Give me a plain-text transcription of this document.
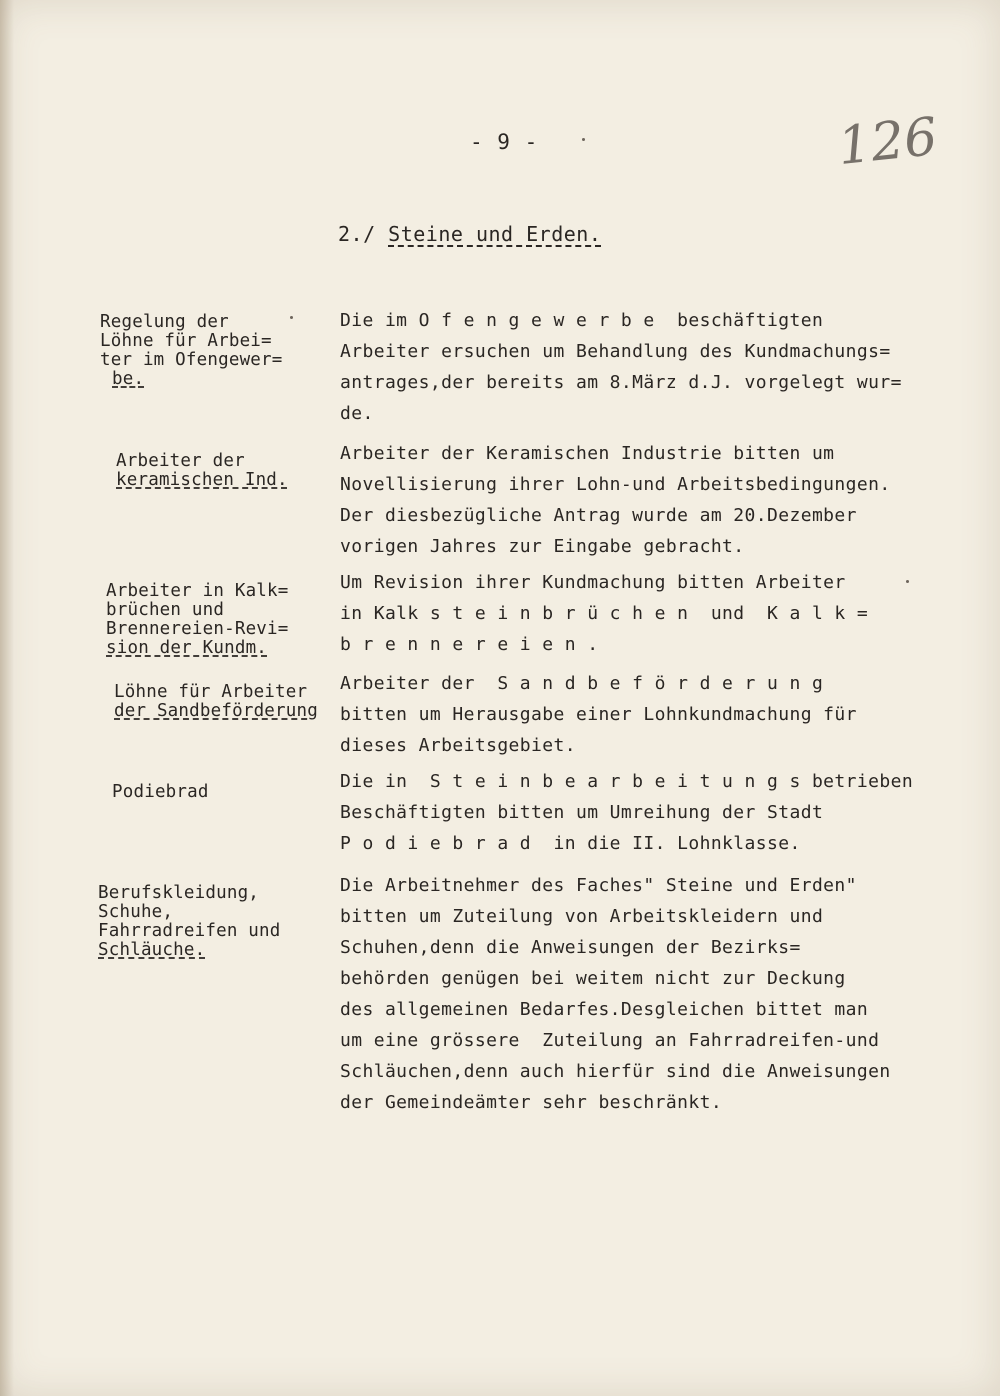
- 9 -	126
2./ Steine und Erden.
Regelung der
Löhne für Arbei=
ter im Ofengewer=
be.
Die im O f e n g e w e r b e  beschäftigten
Arbeiter ersuchen um Behandlung des Kundmachungs=
antrages,der bereits am 8.März d.J. vorgelegt wur=
de.
Arbeiter der
keramischen Ind.
Arbeiter der Keramischen Industrie bitten um
Novellisierung ihrer Lohn-und Arbeitsbedingungen.
Der diesbezügliche Antrag wurde am 20.Dezember
vorigen Jahres zur Eingabe gebracht.
Arbeiter in Kalk=
brüchen und
Brennereien-Revi=
sion der Kundm.
Um Revision ihrer Kundmachung bitten Arbeiter
in Kalk s t e i n b r ü c h e n  und  K a l k =
b r e n n e r e i e n .
Löhne für Arbeiter
der Sandbeförderung
Arbeiter der  S a n d b e f ö r d e r u n g
bitten um Herausgabe einer Lohnkundmachung für
dieses Arbeitsgebiet.
Podiebrad	Die in  S t e i n b e a r b e i t u n g s betrieben
Beschäftigten bitten um Umreihung der Stadt
P o d i e b r a d  in die II. Lohnklasse.
Berufskleidung,
Schuhe,
Fahrradreifen und
Schläuche.
Die Arbeitnehmer des Faches" Steine und Erden"
bitten um Zuteilung von Arbeitskleidern und
Schuhen,denn die Anweisungen der Bezirks=
behörden genügen bei weitem nicht zur Deckung
des allgemeinen Bedarfes.Desgleichen bittet man
um eine grössere  Zuteilung an Fahrradreifen-und
Schläuchen,denn auch hierfür sind die Anweisungen
der Gemeindeämter sehr beschränkt.
